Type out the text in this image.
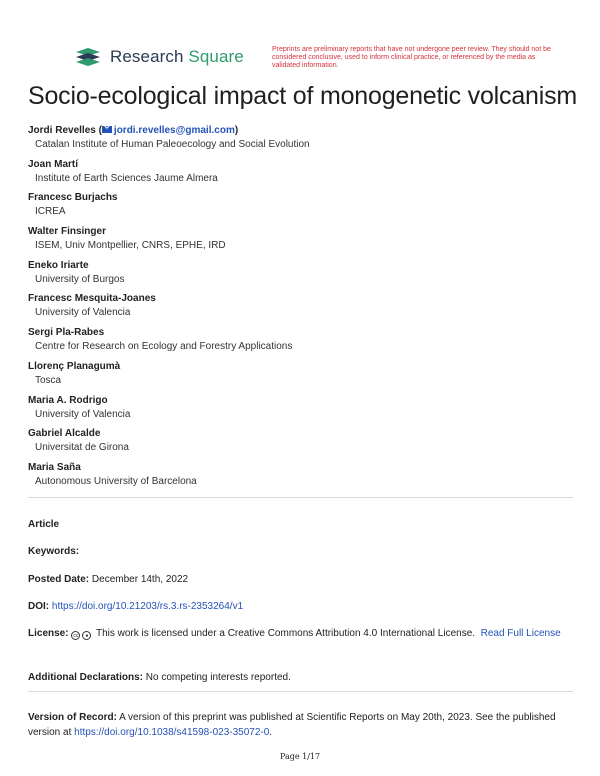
Research Square	Preprints are preliminary reports that have not undergone peer review. They should not be considered conclusive, used to inform clinical practice, or referenced by the media as validated information.
Socio-ecological impact of monogenetic volcanism
Jordi Revelles ( jordi.revelles@gmail.com)
Catalan Institute of Human Paleoecology and Social Evolution
Joan Martí
Institute of Earth Sciences Jaume Almera
Francesc Burjachs
ICREA
Walter Finsinger
ISEM, Univ Montpellier, CNRS, EPHE, IRD
Eneko Iriarte
University of Burgos
Francesc Mesquita-Joanes
University of Valencia
Sergi Pla-Rabes
Centre for Research on Ecology and Forestry Applications
Llorenç Planagumà
Tosca
Maria A. Rodrigo
University of Valencia
Gabriel Alcalde
Universitat de Girona
Maria Saña
Autonomous University of Barcelona
Article
Keywords:
Posted Date: December 14th, 2022
DOI: https://doi.org/10.21203/rs.3.rs-2353264/v1
License: cc ● This work is licensed under a Creative Commons Attribution 4.0 International License. Read Full License
Additional Declarations: No competing interests reported.
Version of Record: A version of this preprint was published at Scientific Reports on May 20th, 2023. See the published version at https://doi.org/10.1038/s41598-023-35072-0.
Page 1/17
